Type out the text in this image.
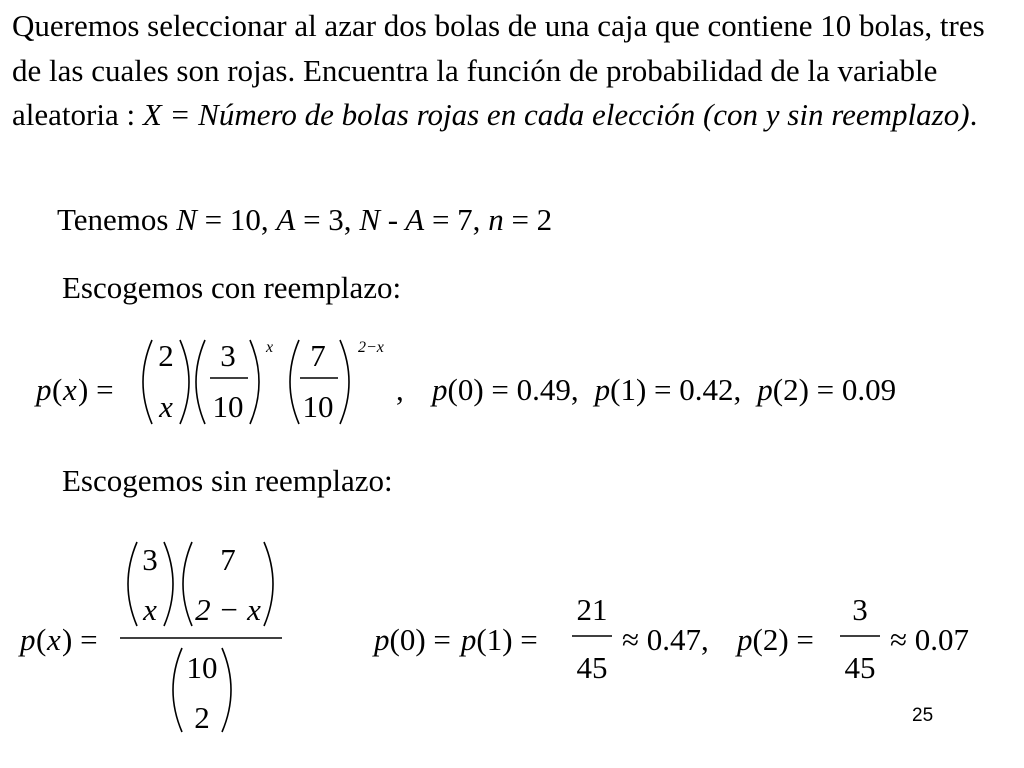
Queremos seleccionar al azar dos bolas de una caja que contiene 10 bolas, tres de las cuales son rojas. Encuentra la función de probabilidad de la variable aleatoria : X = Número de bolas rojas en cada elección (con y sin reemplazo).

Tenemos N = 10, A = 3, N - A = 7, n = 2

Escogemos con reemplazo:

p ( x ) =
2
x
3
10
x 7
10
2−x
, p(0) = 0.49, p(1) = 0.42, p(2) = 0.09

Escogemos sin reemplazo:

p ( x ) =
3
x
7
2 − x
10
2
p(0) = p(1) =
21
45
≈ 0.47, p(2) =
3
45
≈ 0.07
25
